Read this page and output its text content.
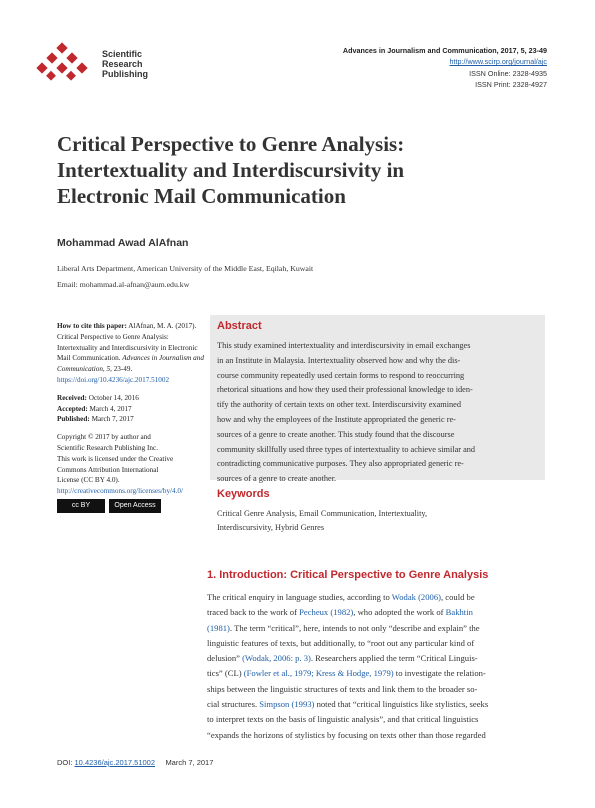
Scientific
Research
Publishing
Advances in Journalism and Communication, 2017, 5, 23-49
http://www.scirp.org/journal/ajc
ISSN Online: 2328-4935
ISSN Print: 2328-4927
Critical Perspective to Genre Analysis:
Intertextuality and Interdiscursivity in
Electronic Mail Communication
Mohammad Awad AlAfnan
Liberal Arts Department, American University of the Middle East, Eqilah, Kuwait
Email: mohammad.al-afnan@aum.edu.kw
How to cite this paper: AlAfnan, M. A. (2017). Critical Perspective to Genre Analysis: Intertextuality and Interdiscursivity in Electronic Mail Communication. Advances in Journalism and Communication, 5, 23-49.
https://doi.org/10.4236/ajc.2017.51002
Received: October 14, 2016
Accepted: March 4, 2017
Published: March 7, 2017
Copyright © 2017 by author and
Scientific Research Publishing Inc.
This work is licensed under the Creative
Commons Attribution International
License (CC BY 4.0).
http://creativecommons.org/licenses/by/4.0/
cc BY	Open Access
Abstract
This study examined intertextuality and interdiscursivity in email exchanges
in an Institute in Malaysia. Intertextuality observed how and why the dis-
course community repeatedly used certain forms to respond to reoccurring
rhetorical situations and how they used their professional knowledge to iden-
tify the authority of certain texts on other text. Interdiscursivity examined
how and why the employees of the Institute appropriated the generic re-
sources of a genre to create another. This study found that the discourse
community skillfully used three types of intertextuality to achieve similar and
contradicting communicative purposes. They also appropriated generic re-
sources of a genre to create another.
Keywords
Critical Genre Analysis, Email Communication, Intertextuality,
Interdiscursivity, Hybrid Genres
1. Introduction: Critical Perspective to Genre Analysis
The critical enquiry in language studies, according to Wodak (2006), could be
traced back to the work of Pecheux (1982), who adopted the work of Bakhtin
(1981). The term “critical”, here, intends to not only “describe and explain” the
linguistic features of texts, but additionally, to “root out any particular kind of
delusion” (Wodak, 2006: p. 3). Researchers applied the term “Critical Linguis-
tics” (CL) (Fowler et al., 1979; Kress & Hodge, 1979) to investigate the relation-
ships between the linguistic structures of texts and link them to the broader so-
cial structures. Simpson (1993) noted that “critical linguistics like stylistics, seeks
to interpret texts on the basis of linguistic analysis”, and that critical linguistics
“expands the horizons of stylistics by focusing on texts other than those regarded
DOI: 10.4236/ajc.2017.51002 March 7, 2017
